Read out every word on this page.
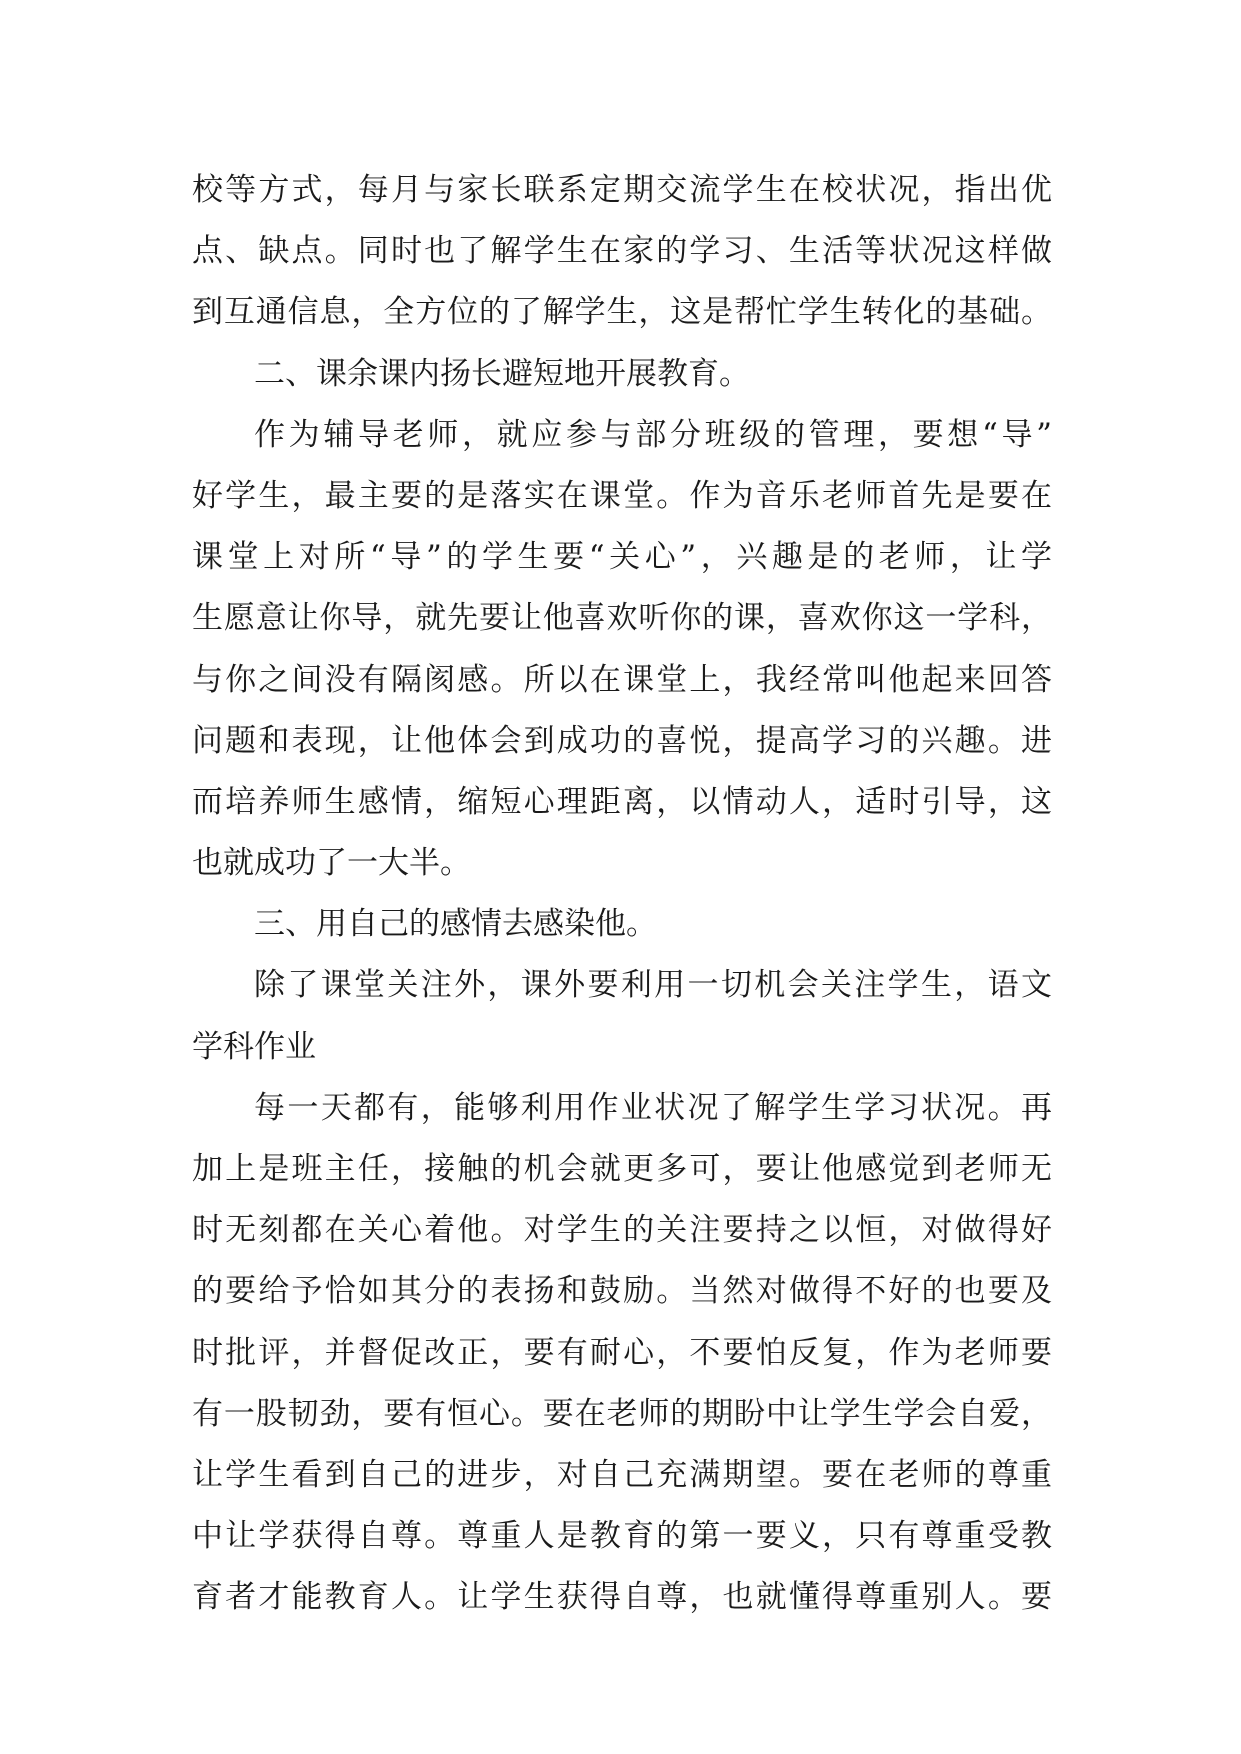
校等方式，每月与家长联系定期交流学生在校状况，指出优
点、缺点。同时也了解学生在家的学习、生活等状况这样做
到互通信息，全方位的了解学生，这是帮忙学生转化的基础。
二、课余课内扬长避短地开展教育。
作为辅导老师，就应参与部分班级的管理，要想“导”
好学生，最主要的是落实在课堂。作为音乐老师首先是要在
课堂上对所“导”的学生要“关心”，兴趣是的老师，让学
生愿意让你导，就先要让他喜欢听你的课，喜欢你这一学科，
与你之间没有隔阂感。所以在课堂上，我经常叫他起来回答
问题和表现，让他体会到成功的喜悦，提高学习的兴趣。进
而培养师生感情，缩短心理距离，以情动人，适时引导，这
也就成功了一大半。
三、用自己的感情去感染他。
除了课堂关注外，课外要利用一切机会关注学生，语文
学科作业
每一天都有，能够利用作业状况了解学生学习状况。再
加上是班主任，接触的机会就更多可，要让他感觉到老师无
时无刻都在关心着他。对学生的关注要持之以恒，对做得好
的要给予恰如其分的表扬和鼓励。当然对做得不好的也要及
时批评，并督促改正，要有耐心，不要怕反复，作为老师要
有一股韧劲，要有恒心。要在老师的期盼中让学生学会自爱，
让学生看到自己的进步，对自己充满期望。要在老师的尊重
中让学获得自尊。尊重人是教育的第一要义，只有尊重受教
育者才能教育人。让学生获得自尊，也就懂得尊重别人。要
